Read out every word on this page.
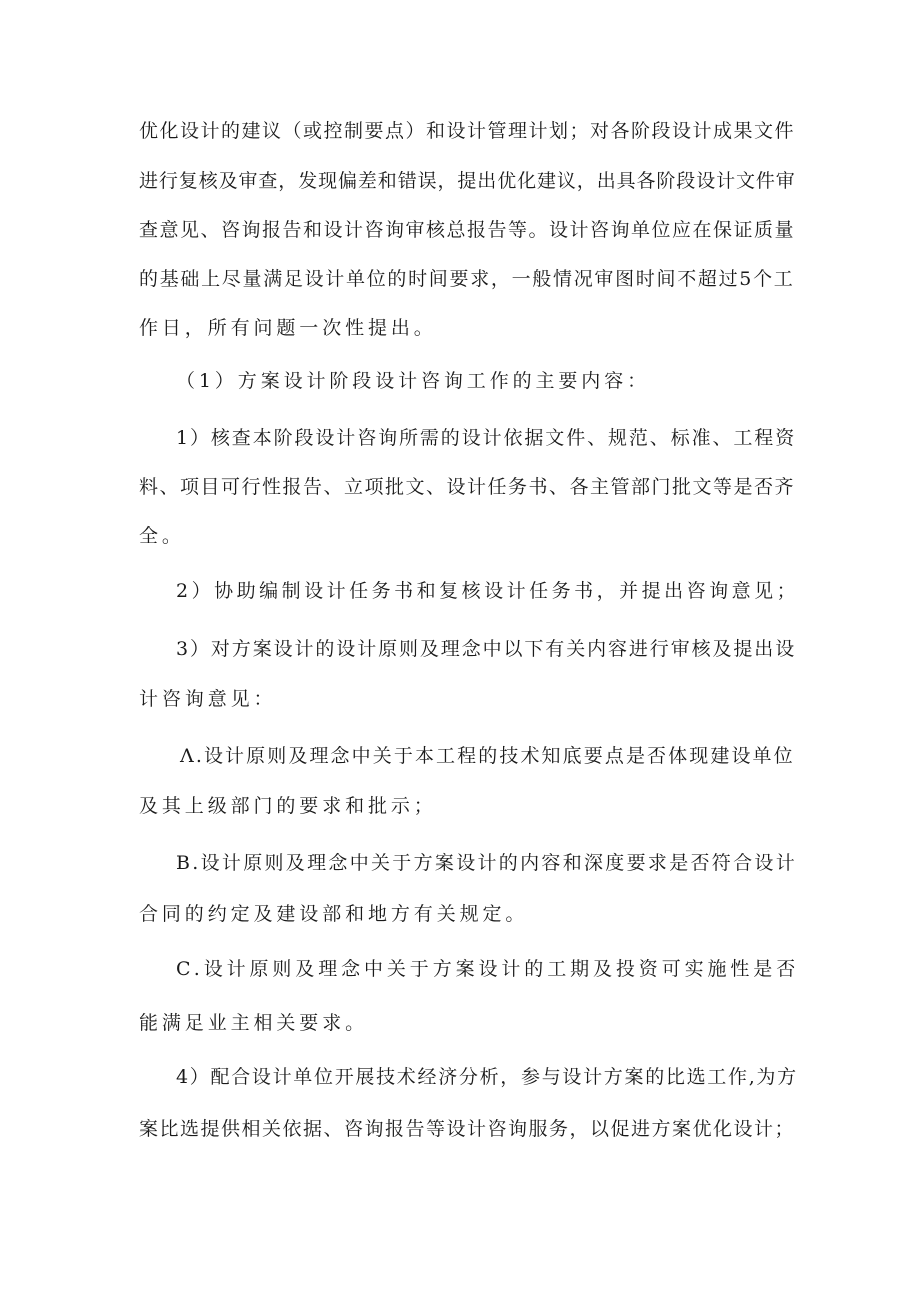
优化设计的建议（或控制要点）和设计管理计划；对各阶段设计成果文件
进行复核及审查，发现偏差和错误，提出优化建议，出具各阶段设计文件审
查意见、咨询报告和设计咨询审核总报告等。设计咨询单位应在保证质量
的基础上尽量满足设计单位的时间要求，一般情况审图时间不超过5个工
作日，所有问题一次性提出。
（1）方案设计阶段设计咨询工作的主要内容：
1）核查本阶段设计咨询所需的设计依据文件、规范、标准、工程资
料、项目可行性报告、立项批文、设计任务书、各主管部门批文等是否齐
全。
2）协助编制设计任务书和复核设计任务书，并提出咨询意见；
3）对方案设计的设计原则及理念中以下有关内容进行审核及提出设
计咨询意见：
Λ.设计原则及理念中关于本工程的技术知底要点是否体现建设单位
及其上级部门的要求和批示；
B.设计原则及理念中关于方案设计的内容和深度要求是否符合设计
合同的约定及建设部和地方有关规定。
C.设计原则及理念中关于方案设计的工期及投资可实施性是否
能满足业主相关要求。
4）配合设计单位开展技术经济分析，参与设计方案的比选工作,为方
案比选提供相关依据、咨询报告等设计咨询服务，以促进方案优化设计；
